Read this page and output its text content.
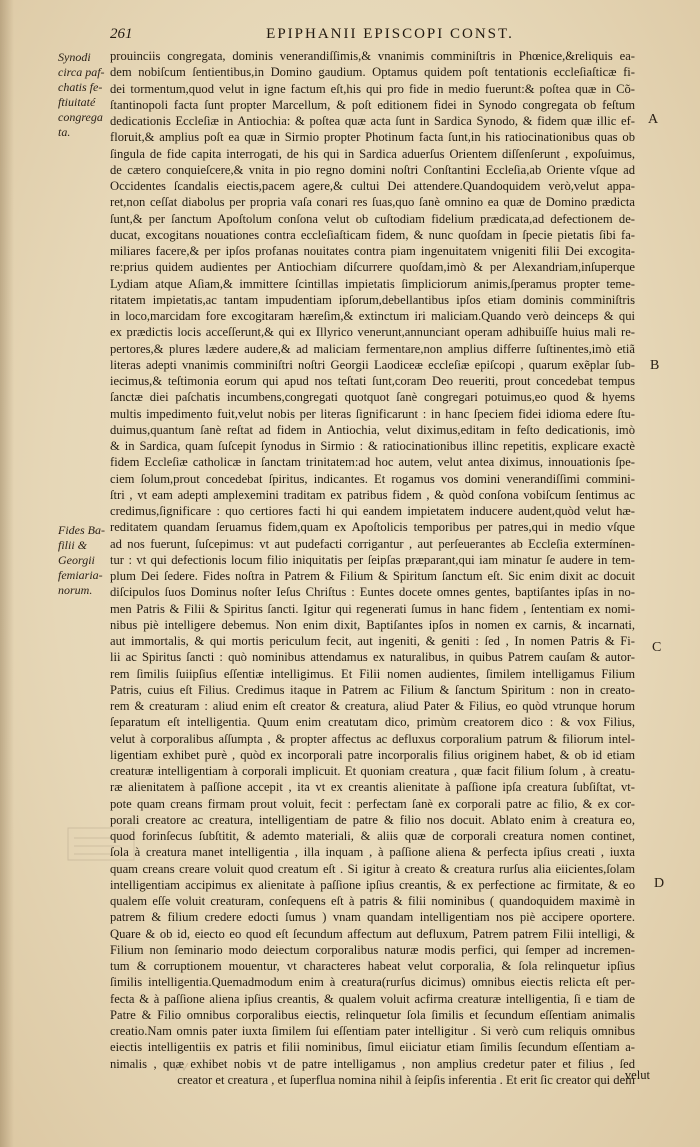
261	EPIPHANII EPISCOPI CONST.
Synodi
circa paf-
chatis fe-
ftiuitaté
congrega
ta.
Fides Ba-
filii &
Georgii
femiaria-
norum.
A
B
C
D
prouinciis congregata, dominis venerandiſſimis,& vnanimis comminiſtris in Phœnice,&reliquis ea-
dem nobiſcum ſentientibus,in Domino gaudium. Optamus quidem poſt tentationis eccleſiaſticæ fi-
dei tormentum,quod velut in igne factum eſt,his qui pro fide in medio fuerunt:& poſtea quæ in Cõ-
ſtantinopoli facta ſunt propter Marcellum, & poſt editionem fidei in Synodo congregata ob feſtum
dedicationis Eccleſiæ in Antiochia: & poſtea quæ acta ſunt in Sardica Synodo, & fidem quæ illic ef-
floruit,& amplius poſt ea quæ in Sirmio propter Photinum facta ſunt,in his ratiocinationibus quas ob
ſingula de fide capita interrogati, de his qui in Sardica aduerſus Orientem diſſenſerunt , expoſuimus,
de cætero conquieſcere,& vnita in pio regno domini noſtri Conſtantini Eccleſia,ab Oriente vſque ad
Occidentes ſcandalis eiectis,pacem agere,& cultui Dei attendere.Quandoquidem verò,velut appa-
ret,non ceſſat diabolus per propria vaſa conari res ſuas,quo ſanè omnino ea quæ de Domino prædicta
ſunt,& per ſanctum Apoſtolum conſona velut ob cuſtodiam fidelium prædicata,ad defectionem de-
ducat, excogitans nouationes contra eccleſiaſticam fidem, & nunc quoſdam in ſpecie pietatis ſibi fa-
miliares facere,& per ipſos profanas nouitates contra piam ingenuitatem vnigeniti filii Dei excogita-
re:prius quidem audientes per Antiochiam diſcurrere quoſdam,imò & per Alexandriam,inſuperque
Lydiam atque Aſiam,& immittere ſcintillas impietatis ſimpliciorum animis,ſperamus propter teme-
ritatem impietatis,ac tantam impudentiam ipſorum,debellantibus ipſos etiam dominis comminiſtris
in loco,marcidam fore excogitaram hæreſim,& extinctum iri maliciam.Quando verò deinceps & qui
ex prædictis locis acceſſerunt,& qui ex Illyrico venerunt,annunciant operam adhibuiſſe huius mali re-
pertores,& plures lædere audere,& ad maliciam fermentare,non amplius differre ſuſtinentes,imò etiã
literas adepti vnanimis comminiſtri noſtri Georgii Laodiceæ eccleſiæ epiſcopi , quarum exẽplar ſub-
iecimus,& teſtimonia eorum qui apud nos teſtati ſunt,coram Deo reueriti, prout concedebat tempus
ſanctæ diei paſchatis incumbens,congregati quotquot ſanè congregari potuimus,eo quod & hyems
multis impedimento fuit,velut nobis per literas ſignificarunt : in hanc ſpeciem fidei idioma edere ſtu-
duimus,quantum ſanè reſtat ad fidem in Antiochia, velut diximus,editam in feſto dedicationis, imò
& in Sardica, quam ſuſcepit ſynodus in Sirmio : & ratiocinationibus illinc repetitis, explicare exactè
fidem Eccleſiæ catholicæ in ſanctam trinitatem:ad hoc autem, velut antea diximus, innouationis ſpe-
ciem ſolum,prout concedebat ſpiritus, indicantes. Et rogamus vos domini venerandiſſimi commini-
ſtri , vt eam adepti amplexemini traditam ex patribus fidem , & quòd conſona vobiſcum ſentimus ac
credimus,ſignificare : quo certiores facti hi qui eandem impietatem inducere audent,quòd velut hæ-
reditatem quandam ſeruamus fidem,quam ex Apoſtolicis temporibus per patres,qui in medio vſque
ad nos fuerunt, ſuſcepimus: vt aut pudefacti corrigantur , aut perſeuerantes ab Eccleſia extermínen-
tur : vt qui defectionis locum filio iniquitatis per ſeipſas præparant,qui iam minatur ſe audere in tem-
plum Dei ſedere. Fides noſtra in Patrem & Filium & Spiritum ſanctum eſt. Sic enim dixit ac docuit
diſcipulos ſuos Dominus noſter Ieſus Chriſtus : Euntes docete omnes gentes, baptiſantes ipſas in no-
men Patris & Filii & Spiritus ſancti. Igitur qui regenerati ſumus in hanc fidem , ſententiam ex nomi-
nibus piè intelligere debemus. Non enim dixit, Baptiſantes ipſos in nomen ex carnis, & incarnati,
aut immortalis, & qui mortis periculum fecit, aut ingeniti, & geniti : ſed , In nomen Patris & Fi-
lii ac Spiritus ſancti : quò nominibus attendamus ex naturalibus, in quibus Patrem cauſam & autor-
rem ſimilis ſuiipſius eſſentiæ intelligimus. Et Filii nomen audientes, ſimilem intelligamus Filium
Patris, cuius eſt Filius. Credimus itaque in Patrem ac Filium & ſanctum Spiritum : non in creato-
rem & creaturam : aliud enim eſt creator & creatura, aliud Pater & Filius, eo quòd vtrunque horum
ſeparatum eſt intelligentia. Quum enim creatutam dico, primùm creatorem dico : & vox Filius,
velut à corporalibus aſſumpta , & propter affectus ac defluxus corporalium patrum & filiorum intel-
ligentiam exhibet purè , quòd ex incorporali patre incorporalis filius originem habet, & ob id etiam
creaturæ intelligentiam à corporali implicuit. Et quoniam creatura , quæ facit filium ſolum , à creatu-
ræ alienitatem à paſſione accepit , ita vt ex creantis alienitate à paſſione ipſa creatura ſubſiſtat, vt-
pote quam creans firmam prout voluit, fecit : perfectam ſanè ex corporali patre ac filio, & ex cor-
porali creatore ac creatura, intelligentiam de patre & filio nos docuit. Ablato enim à creatura eo,
quod forinſecus ſubſtitit, & ademto materiali, & aliis quæ de corporali creatura nomen continet,
ſola à creatura manet intelligentia , illa inquam , à paſſione aliena & perfecta ipſius creati , iuxta
quam creans creare voluit quod creatum eſt . Si igitur à creato & creatura rurſus alia eiicientes,ſolam
intelligentiam accipimus ex alienitate à paſſione ipſius creantis, & ex perfectione ac firmitate, & eo
qualem eſſe voluit creaturam, conſequens eſt à patris & filii nominibus ( quandoquidem maximè in
patrem & filium credere edocti ſumus ) vnam quandam intelligentiam nos piè accipere oportere.
Quare & ob id, eiecto eo quod eſt ſecundum affectum aut defluxum, Patrem patrem Filii intelligi, &
Filium non ſeminario modo deiectum corporalibus naturæ modis perfici, qui ſemper ad incremen-
tum & corruptionem mouentur, vt characteres habeat velut corporalia, & ſola relinquetur ipſius
ſimilis intelligentia.Quemadmodum enim à creatura(rurſus dicimus) omnibus eiectis relicta eſt per-
fecta & à paſſione aliena ipſius creantis, & qualem voluit acfirma creaturæ intelligentia, ſi e tiam de
Patre & Filio omnibus corporalibus eiectis, relinquetur ſola ſimilis et ſecundum eſſentiam animalis
creatio.Nam omnis pater iuxta ſimilem ſui eſſentiam pater intelligitur . Si verò cum reliquis omnibus
eiectis intelligentiis ex patris et filii nominibus, ſimul eiiciatur etiam ſimilis ſecundum eſſentiam a-
nimalis , quæ exhibet nobis vt de patre intelligamus , non amplius credetur pater et filius , ſed
creator et creatura , et ſuperflua nomina nihil à ſeipſis inferentia . Et erit ſic creator qui dem
velut
